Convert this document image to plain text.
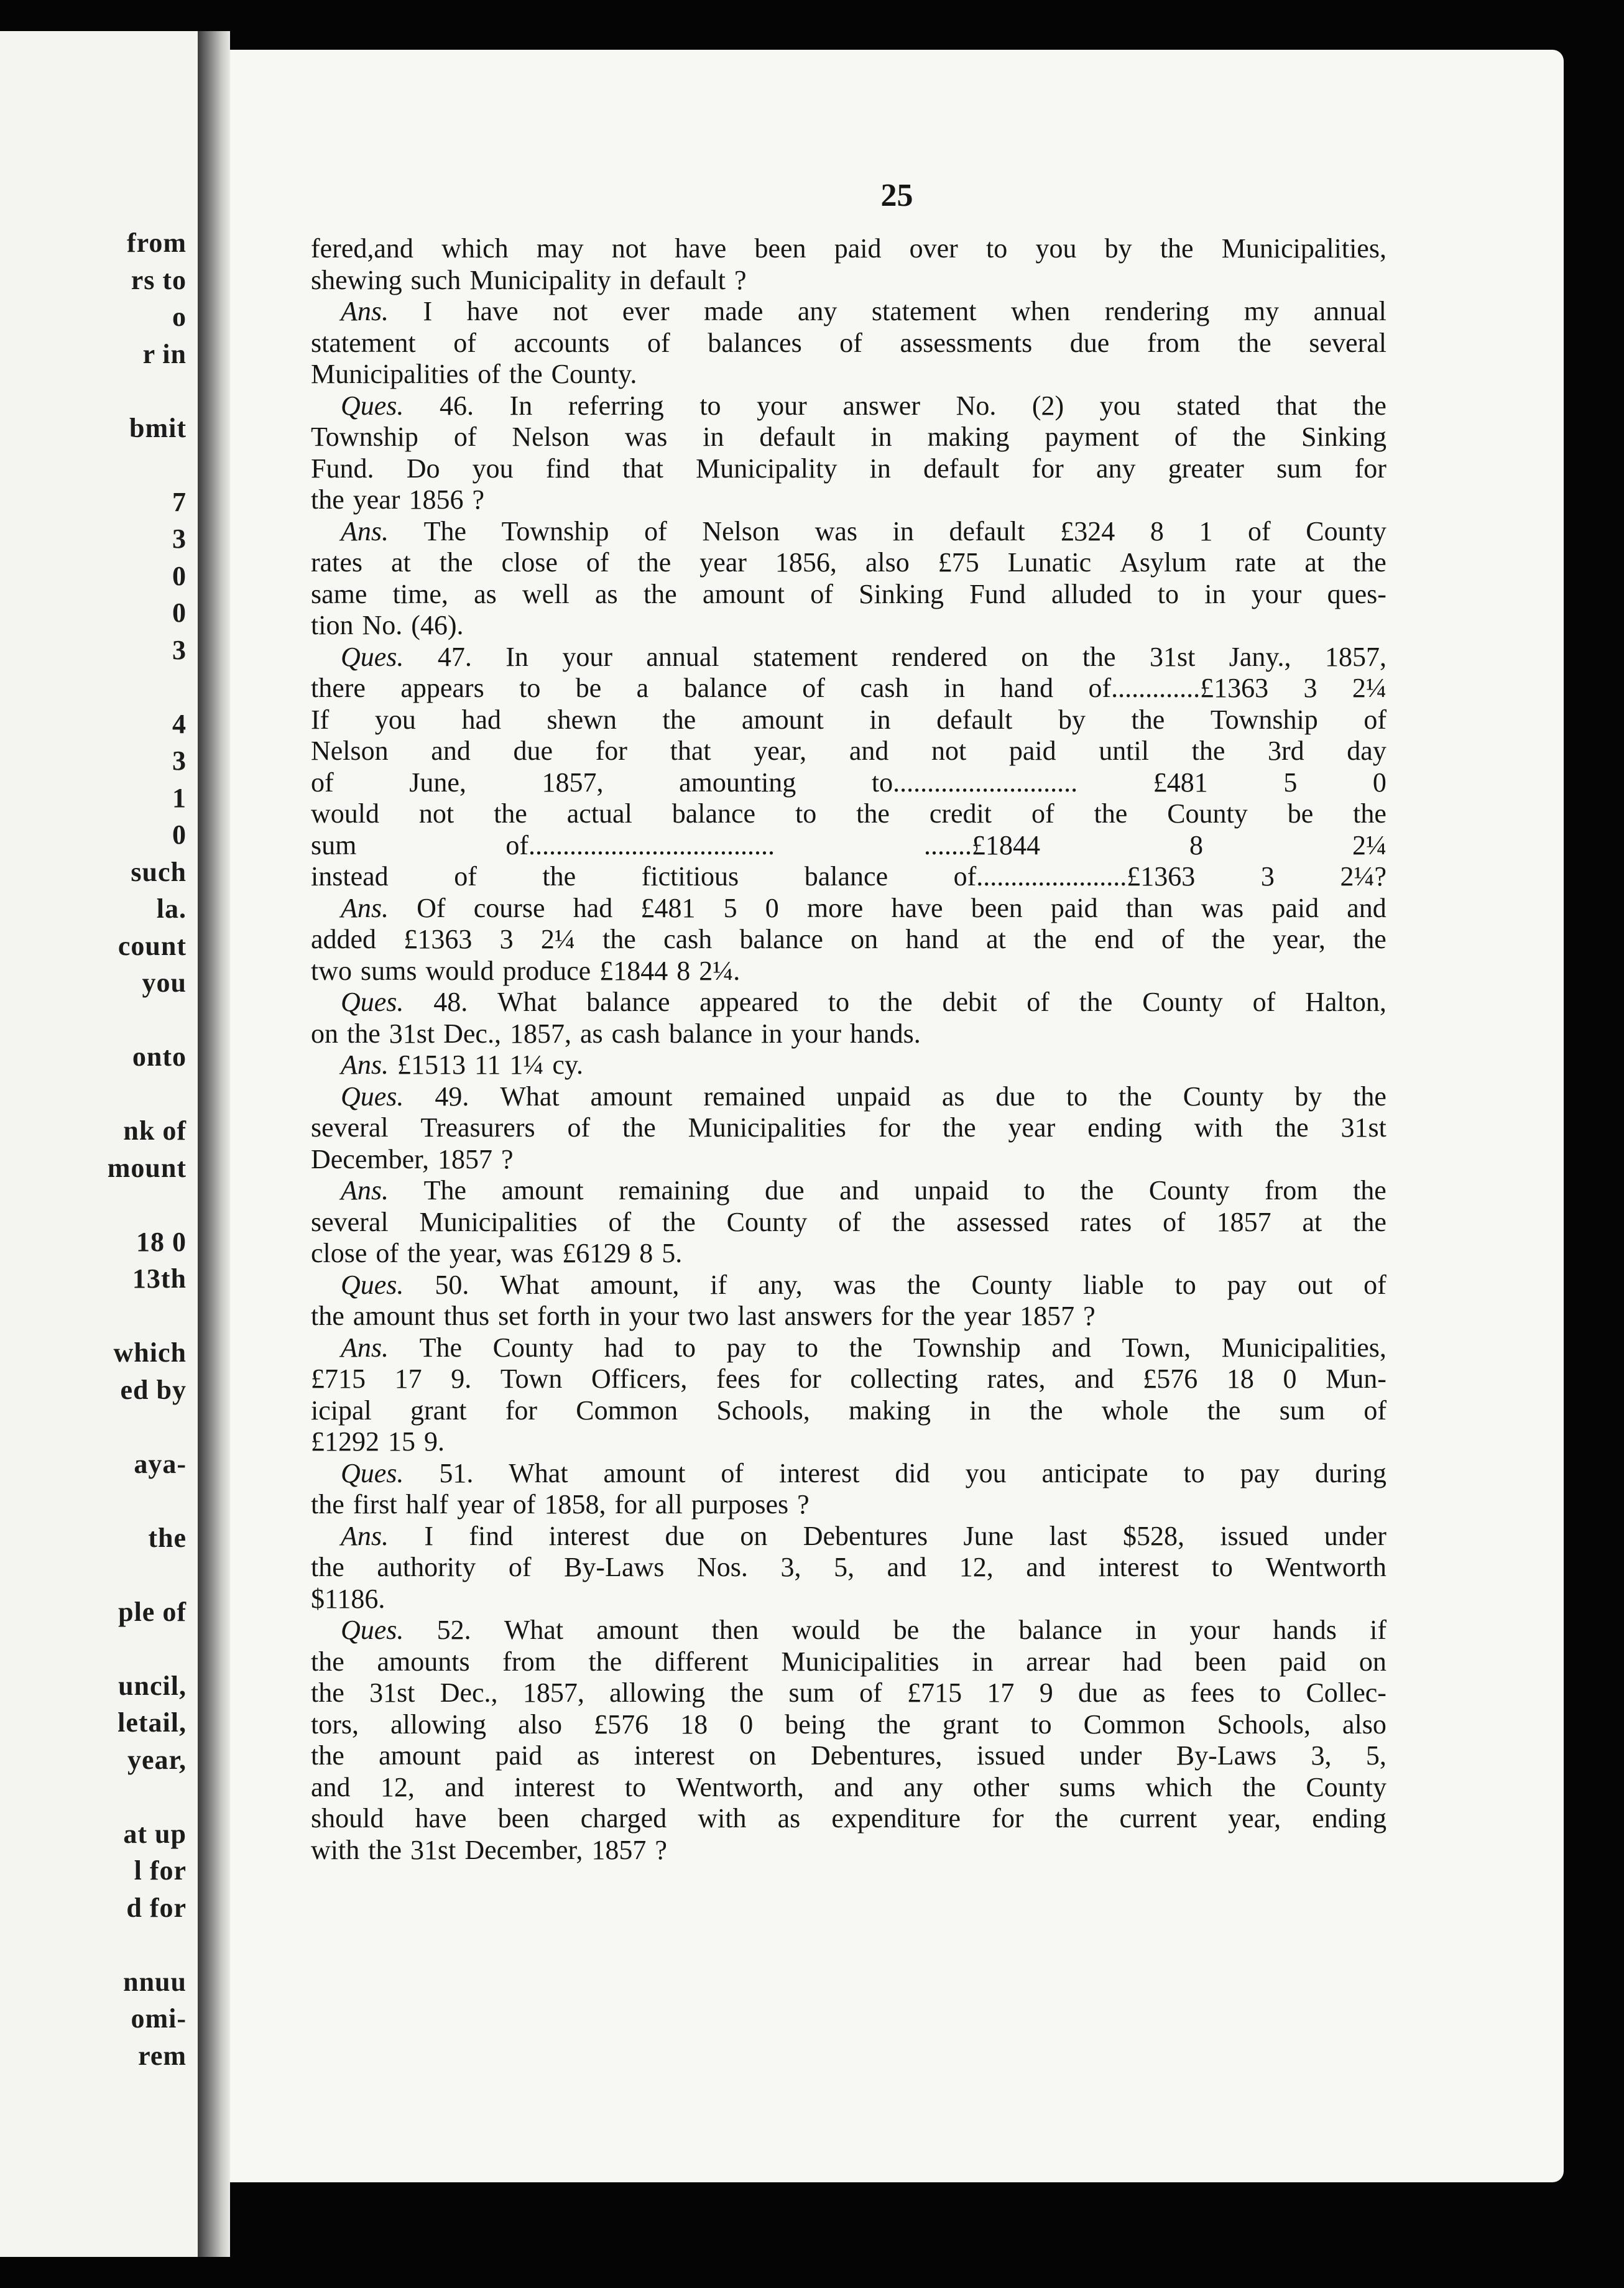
from
rs to
o
r in
bmit
7
3
0
0
3
4
3
1
0
such
la.
count
you
onto
nk of
mount
18 0
13th
which
ed by
aya-
the
ple of
uncil,
letail,
year,
at up
l for
d for
nnuu
omi-
rem
25
fered,and which may not have been paid over to you by the Municipalities,
shewing such Municipality in default ?
Ans. I have not ever made any statement when rendering my annual
statement of accounts of balances of assessments due from the several
Municipalities of the County.
Ques. 46. In referring to your answer No. (2) you stated that the
Township of Nelson was in default in making payment of the Sinking
Fund. Do you find that Municipality in default for any greater sum for
the year 1856 ?
Ans. The Township of Nelson was in default £324 8 1 of County
rates at the close of the year 1856, also £75 Lunatic Asylum rate at the
same time, as well as the amount of Sinking Fund alluded to in your ques-
tion No. (46).
Ques. 47. In your annual statement rendered on the 31st Jany., 1857,
there appears to be a balance of cash in hand of.............£1363 3 2¼
If you had shewn the amount in default by the Township of
Nelson and due for that year, and not paid until the 3rd day
of	June,	1857,	amounting	to...........................	£481	5	0
would not the actual balance to the credit of the County be the
sum	of....................................	.......£1844	8	2¼
instead of the fictitious balance of......................£1363 3 2¼?
Ans. Of course had £481 5 0 more have been paid than was paid and
added £1363 3 2¼ the cash balance on hand at the end of the year, the
two sums would produce £1844 8 2¼.
Ques. 48. What balance appeared to the debit of the County of Halton,
on the 31st Dec., 1857, as cash balance in your hands.
Ans. £1513 11 1¼ cy.
Ques. 49. What amount remained unpaid as due to the County by the
several Treasurers of the Municipalities for the year ending with the 31st
December, 1857 ?
Ans. The amount remaining due and unpaid to the County from the
several Municipalities of the County of the assessed rates of 1857 at the
close of the year, was £6129 8 5.
Ques. 50. What amount, if any, was the County liable to pay out of
the amount thus set forth in your two last answers for the year 1857 ?
Ans. The County had to pay to the Township and Town, Municipalities,
£715 17 9. Town Officers, fees for collecting rates, and £576 18 0 Mun-
icipal grant for Common Schools, making in the whole the sum of
£1292 15 9.
Ques. 51. What amount of interest did you anticipate to pay during
the first half year of 1858, for all purposes ?
Ans. I find interest due on Debentures June last $528, issued under
the authority of By-Laws Nos. 3, 5, and 12, and interest to Wentworth
$1186.
Ques. 52. What amount then would be the balance in your hands if
the amounts from the different Municipalities in arrear had been paid on
the 31st Dec., 1857, allowing the sum of £715 17 9 due as fees to Collec-
tors, allowing also £576 18 0 being the grant to Common Schools, also
the amount paid as interest on Debentures, issued under By-Laws 3, 5,
and 12, and interest to Wentworth, and any other sums which the County
should have been charged with as expenditure for the current year, ending
with the 31st December, 1857 ?
